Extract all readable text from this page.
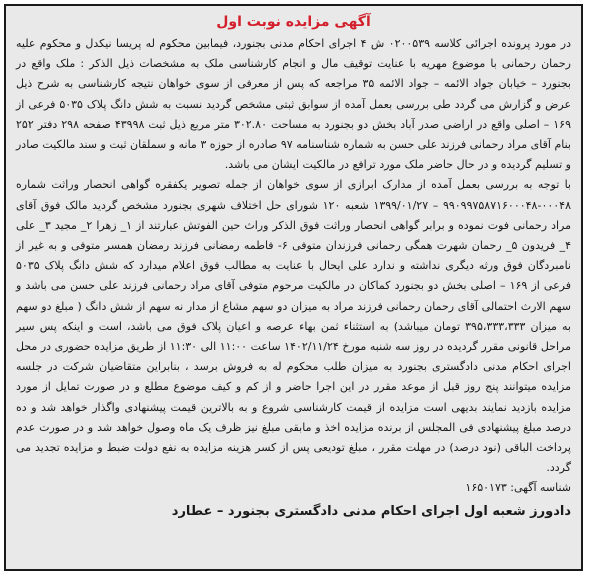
آگهی مزایده نوبت اول

در مورد پرونده اجرائی کلاسه ۰۲۰۰۵۳۹ ش ۴ اجرای احکام مدنی بجنورد، فیمابین محکوم له پریسا نیکدل و محکوم علیه رحمان رحمانی با موضوع مهریه با عنایت توقیف مال و انجام کارشناسی ملک به مشخصات ذیل الذکر : ملک واقع در بجنورد – خیابان جواد الائمه – جواد الائمه ۳۵ مراجعه که پس از معرفی از سوی خواهان نتیجه کارشناسی به شرح ذیل عرض و گزارش می گردد طی بررسی بعمل آمده از سوابق ثبتی مشخص گردید نسبت به شش دانگ پلاک ۵۰۳۵ فرعی از ۱۶۹ – اصلی واقع در اراضی صدر آباد بخش دو بجنورد به مساحت ۳۰۲.۸۰ متر مربع ذیل ثبت ۴۳۹۹۸ صفحه ۲۹۸ دفتر ۲۵۲ بنام آقای مراد رحمانی فرزند علی حسن به شماره شناسنامه ۹۷ صادره از حوزه ۳ مانه و سملقان ثبت و سند مالکیت صادر و تسلیم گردیده و در حال حاضر ملک مورد ترافع در مالکیت ایشان می باشد.

با توجه به بررسی بعمل آمده از مدارک ابرازی از سوی خواهان از جمله تصویر یکفقره گواهی انحصار وراثت شماره ۰۰۰۴۸-۹۹۰۹۹۷۵۸۷۱۶۰۰۰۴۸ – ۱۳۹۹/۰۱/۲۷ شعبه ۱۲۰ شورای حل اختلاف شهری بجنورد مشخص گردید مالک فوق آقای مراد رحمانی فوت نموده و برابر گواهی انحصار وراثت فوق الذکر وراث حین الفوتش عبارتند از ۱_ زهرا ۲_ مجید ۳_ علی ۴_ فریدون ۵_ رحمان شهرت همگی رحمانی فرزندان متوفی ۶- فاطمه رمضانی فرزند رمضان همسر متوفی و به غیر از نامبردگان فوق ورثه دیگری نداشته و ندارد علی ایحال با عنایت به مطالب فوق اعلام میدارد که شش دانگ پلاک ۵۰۳۵ فرعی از ۱۶۹ – اصلی بخش دو بجنورد کماکان در مالکیت مرحوم متوفی آقای مراد رحمانی فرزند علی حسن می باشد و سهم الارث احتمالی آقای رحمان رحمانی فرزند مراد به میزان دو سهم مشاع از مدار نه سهم از شش دانگ ( مبلغ دو سهم به میزان ۳۹۵،۳۳۳،۳۳۳ تومان میباشد) به استثناء ثمن بهاء عرصه و اعیان پلاک فوق می باشد، است و اینکه پس سیر مراحل قانونی مقرر گردیده در روز سه شنبه مورخ ۱۴۰۲/۱۱/۲۴ ساعت ۱۱:۰۰ الی ۱۱:۳۰ از طریق مزایده حضوری در محل اجرای احکام مدنی دادگستری بجنورد به میزان طلب محکوم له به فروش برسد ، بنابراین متقاضیان شرکت در جلسه مزایده میتوانند پنج روز قبل از موعد مقرر در این اجرا حاضر و از کم و کیف موضوع مطلع و در صورت تمایل از مورد مزایده بازدید نمایند بدیهی است مزایده از قیمت کارشناسی شروع و به بالاترین قیمت پیشنهادی واگذار خواهد شد و ده درصد مبلغ پیشنهادی فی المجلس از برنده مزایده اخذ و مابقی مبلغ نیز ظرف یک ماه وصول خواهد شد و در صورت عدم پرداخت الباقی (نود درصد) در مهلت مقرر ، مبلغ تودیعی پس از کسر هزینه مزایده به نفع دولت ضبط و مزایده تجدید می گردد.

شناسه آگهی: ۱۶۵۰۱۷۳

دادورز شعبه اول اجرای احکام مدنی دادگستری بجنورد – عطارد
